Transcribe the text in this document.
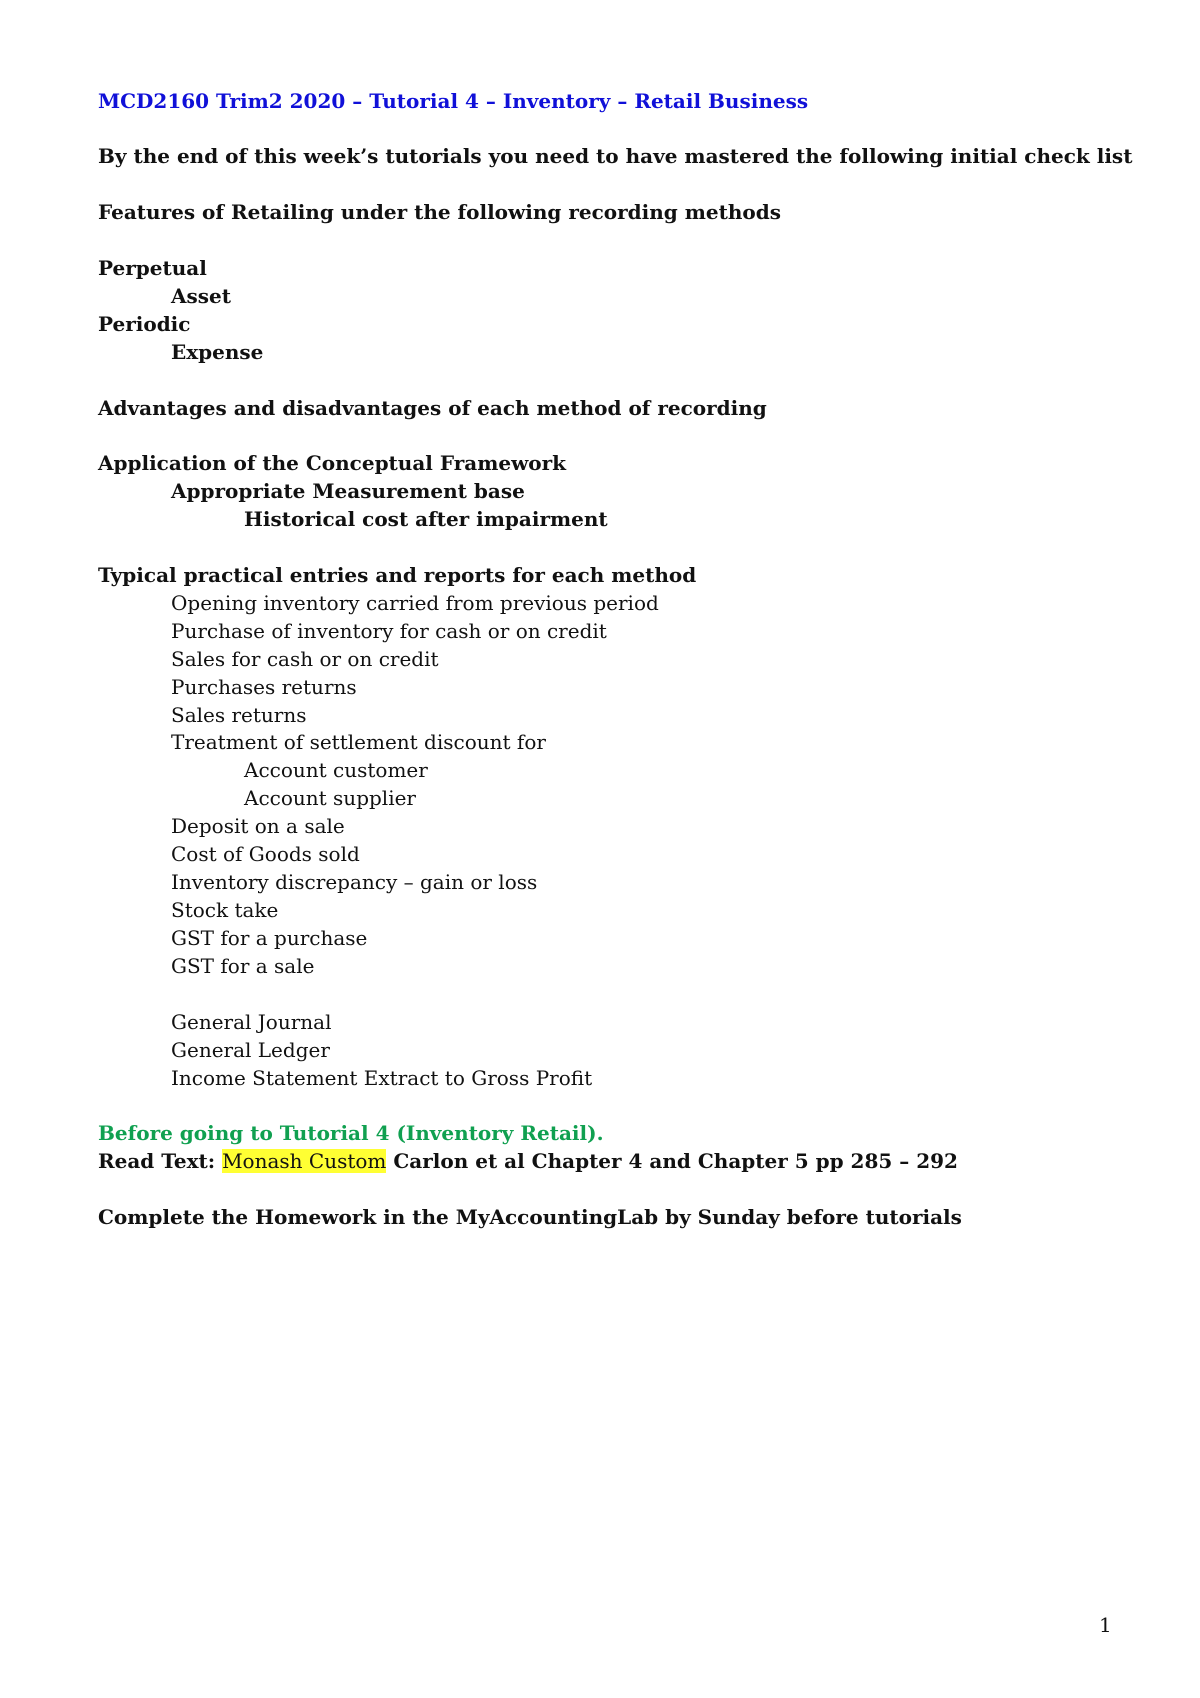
MCD2160 Trim2 2020 – Tutorial 4 – Inventory – Retail Business
By the end of this week’s tutorials you need to have mastered the following initial check list
Features of Retailing under the following recording methods
Perpetual
Asset
Periodic
Expense
Advantages and disadvantages of each method of recording
Application of the Conceptual Framework
Appropriate Measurement base
Historical cost after impairment
Typical practical entries and reports for each method
Opening inventory carried from previous period
Purchase of inventory for cash or on credit
Sales for cash or on credit
Purchases returns
Sales returns
Treatment of settlement discount for
Account customer
Account supplier
Deposit on a sale
Cost of Goods sold
Inventory discrepancy – gain or loss
Stock take
GST for a purchase
GST for a sale
General Journal
General Ledger
Income Statement Extract to Gross Profit
Before going to Tutorial 4 (Inventory Retail).
Read Text: Monash Custom Carlon et al Chapter 4 and Chapter 5 pp 285 – 292
Complete the Homework in the MyAccountingLab by Sunday before tutorials
1
